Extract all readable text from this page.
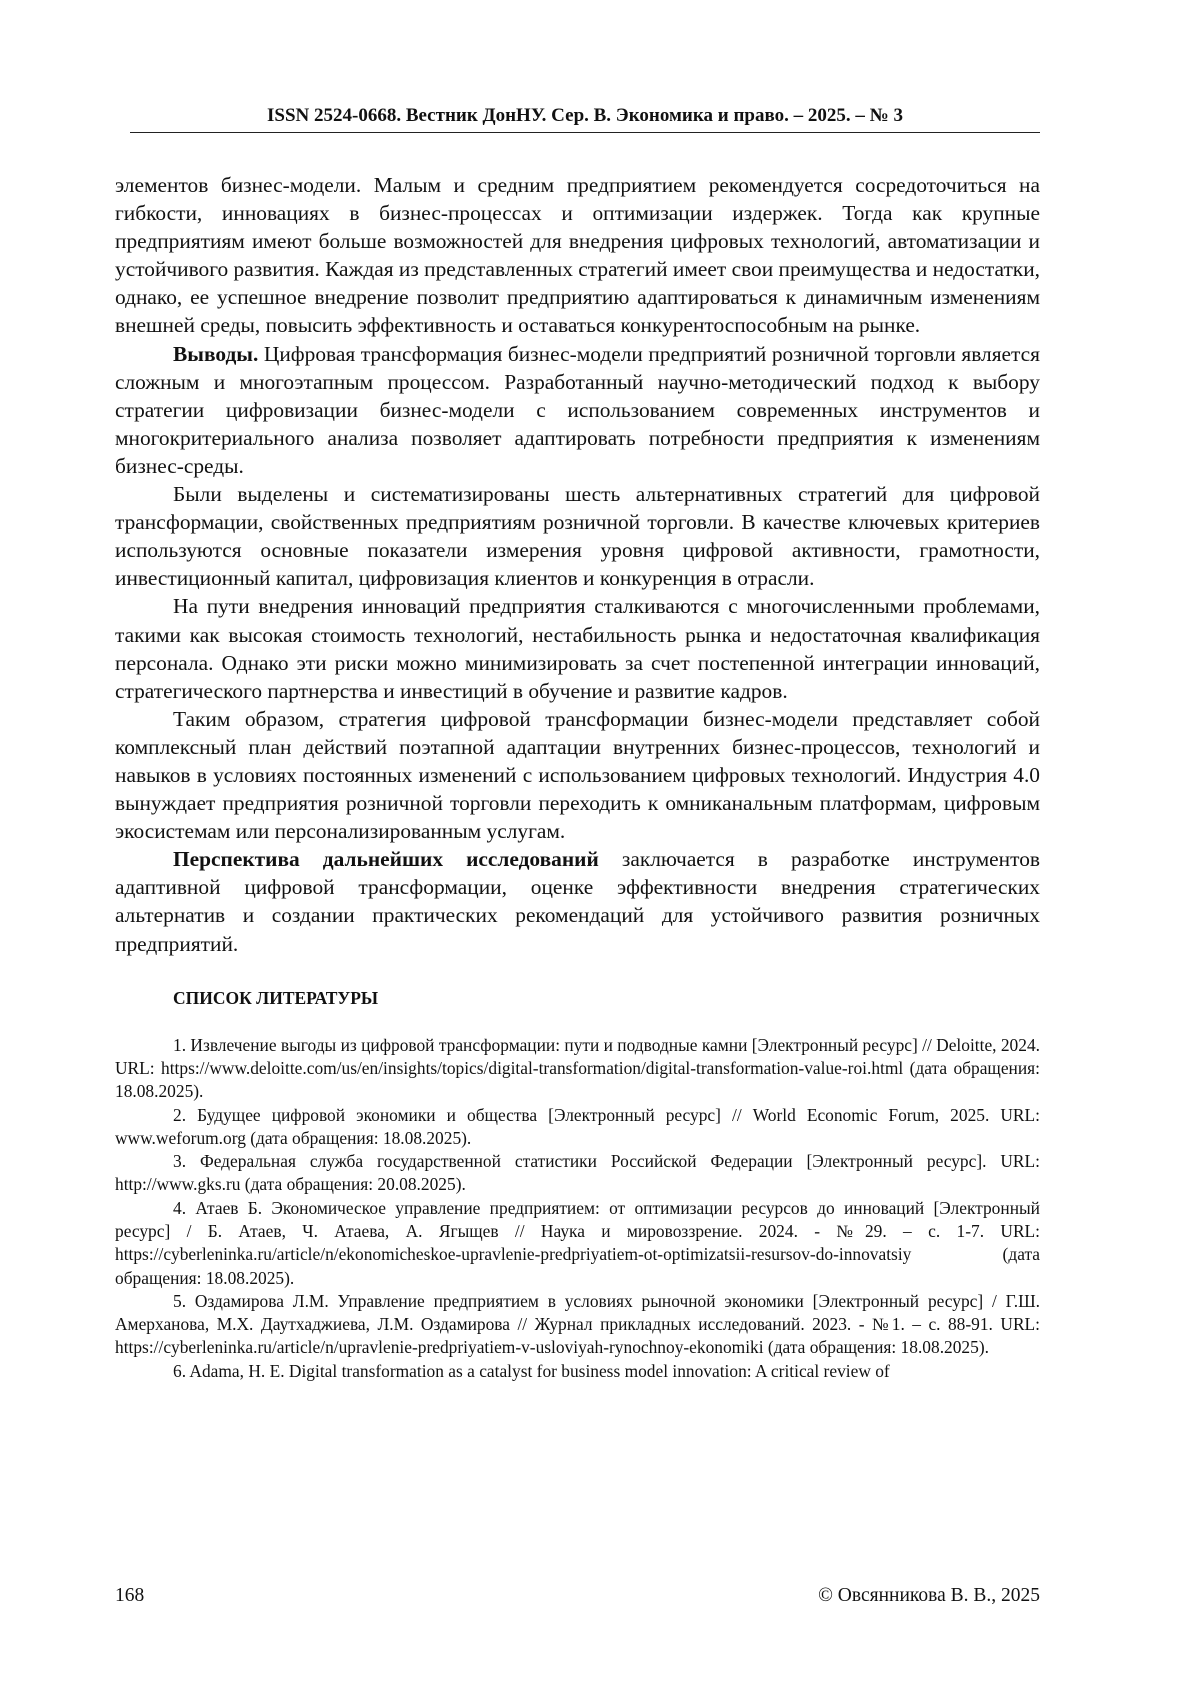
ISSN 2524-0668. Вестник ДонНУ. Сер. В. Экономика и право. – 2025. – № 3

элементов бизнес-модели. Малым и средним предприятием рекомендуется сосредоточиться на гибкости, инновациях в бизнес-процессах и оптимизации издержек. Тогда как крупные предприятиям имеют больше возможностей для внедрения цифровых технологий, автоматизации и устойчивого развития. Каждая из представленных стратегий имеет свои преимущества и недостатки, однако, ее успешное внедрение позволит предприятию адаптироваться к динамичным изменениям внешней среды, повысить эффективность и оставаться конкурентоспособным на рынке.

Выводы. Цифровая трансформация бизнес-модели предприятий розничной торговли является сложным и многоэтапным процессом. Разработанный научно-методический подход к выбору стратегии цифровизации бизнес-модели с использованием современных инструментов и многокритериального анализа позволяет адаптировать потребности предприятия к изменениям бизнес-среды.

Были выделены и систематизированы шесть альтернативных стратегий для цифровой трансформации, свойственных предприятиям розничной торговли. В качестве ключевых критериев используются основные показатели измерения уровня цифровой активности, грамотности, инвестиционный капитал, цифровизация клиентов и конкуренция в отрасли.

На пути внедрения инноваций предприятия сталкиваются с многочисленными проблемами, такими как высокая стоимость технологий, нестабильность рынка и недостаточная квалификация персонала. Однако эти риски можно минимизировать за счет постепенной интеграции инноваций, стратегического партнерства и инвестиций в обучение и развитие кадров.

Таким образом, стратегия цифровой трансформации бизнес-модели представляет собой комплексный план действий поэтапной адаптации внутренних бизнес-процессов, технологий и навыков в условиях постоянных изменений с использованием цифровых технологий. Индустрия 4.0 вынуждает предприятия розничной торговли переходить к омниканальным платформам, цифровым экосистемам или персонализированным услугам.

Перспектива дальнейших исследований заключается в разработке инструментов адаптивной цифровой трансформации, оценке эффективности внедрения стратегических альтернатив и создании практических рекомендаций для устойчивого развития розничных предприятий.

СПИСОК ЛИТЕРАТУРЫ

1. Извлечение выгоды из цифровой трансформации: пути и подводные камни [Электронный ресурс] // Deloitte, 2024. URL: https://www.deloitte.com/us/en/insights/topics/digital-transformation/digital-transformation-value-roi.html (дата обращения: 18.08.2025).

2. Будущее цифровой экономики и общества [Электронный ресурс] // World Economic Forum, 2025. URL: www.weforum.org (дата обращения: 18.08.2025).

3. Федеральная служба государственной статистики Российской Федерации [Электронный ресурс]. URL: http://www.gks.ru (дата обращения: 20.08.2025).

4. Атаев Б. Экономическое управление предприятием: от оптимизации ресурсов до инноваций [Электронный ресурс] / Б. Атаев, Ч. Атаева, А. Ягыщев // Наука и мировоззрение. 2024. - №29. – с. 1-7. URL: https://cyberleninka.ru/article/n/ekonomicheskoe-upravlenie-predpriyatiem-ot-optimizatsii-resursov-do-innovatsiy (дата обращения: 18.08.2025).

5. Оздамирова Л.М. Управление предприятием в условиях рыночной экономики [Электронный ресурс] / Г.Ш. Амерханова, М.Х. Даутхаджиева, Л.М. Оздамирова // Журнал прикладных исследований. 2023. - №1. – с. 88-91. URL: https://cyberleninka.ru/article/n/upravlenie-predpriyatiem-v-usloviyah-rynochnoy-ekonomiki (дата обращения: 18.08.2025).

6. Adama, H. E. Digital transformation as a catalyst for business model innovation: A critical review of

168	© Овсянникова В. В., 2025
